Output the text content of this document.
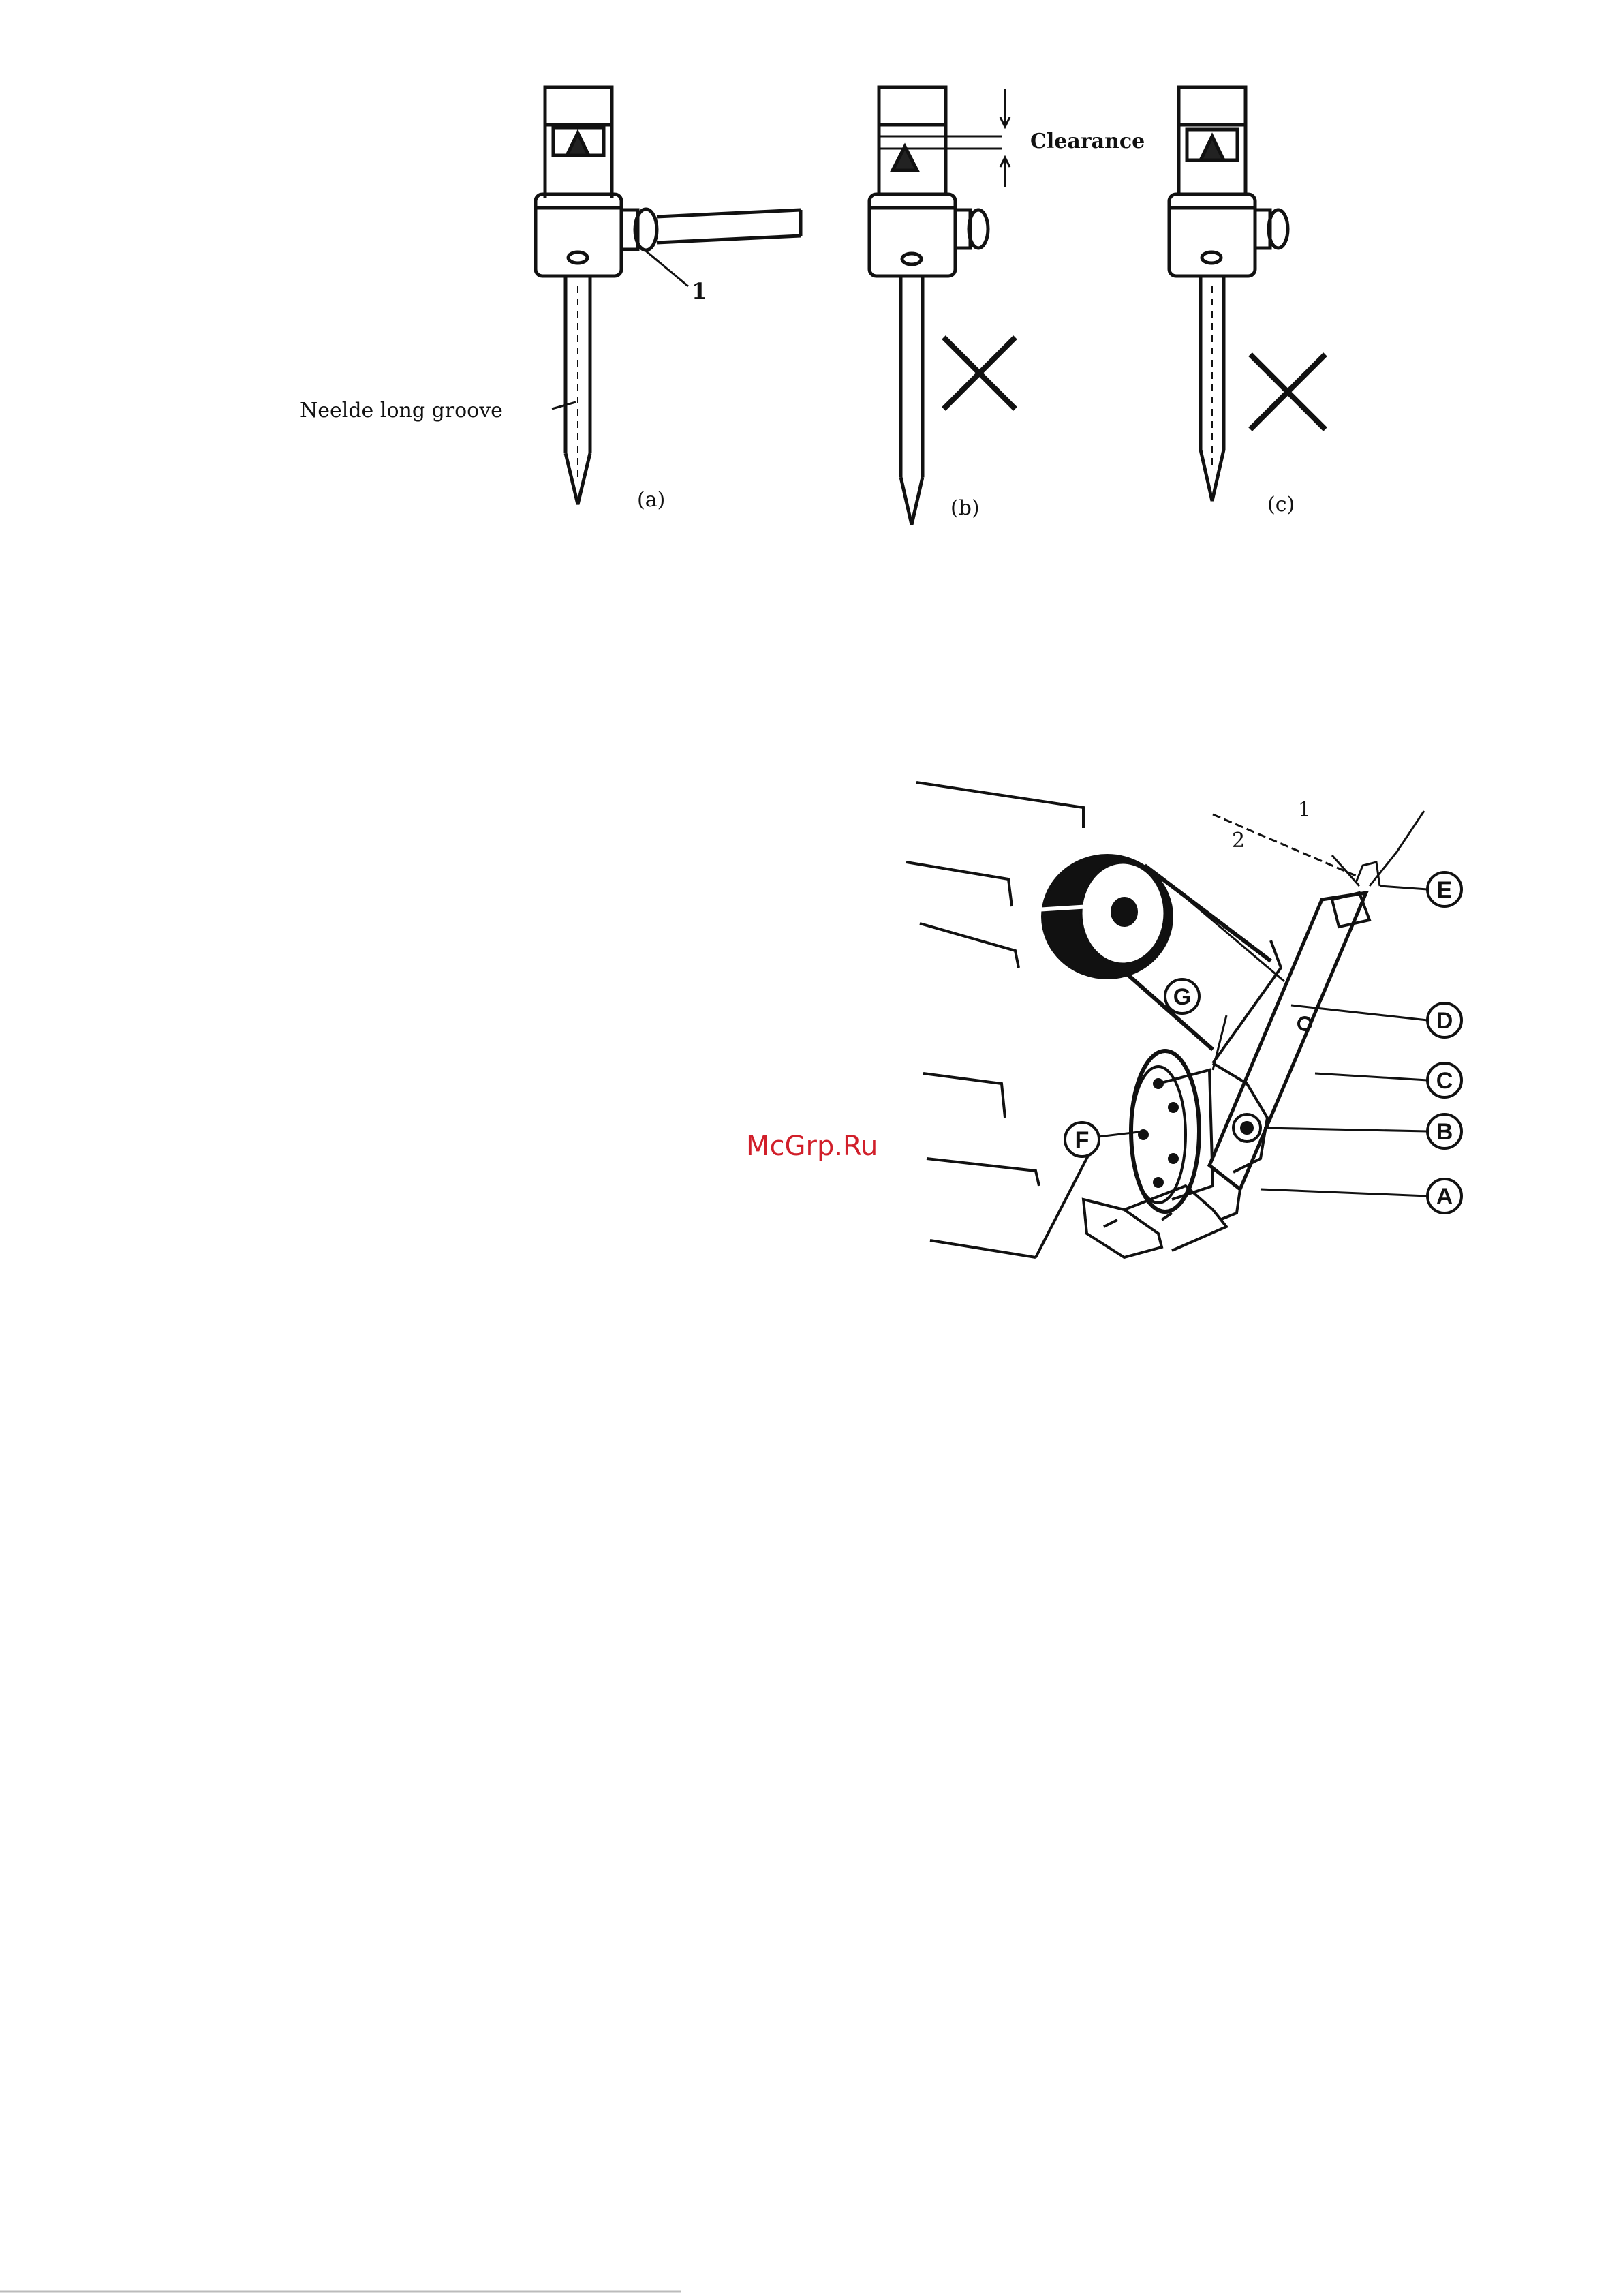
Neelde long groove
1
Clearance
(a)	(b)	(c)
1
2
E
D
C
B
A
G
F
McGrp.Ru
